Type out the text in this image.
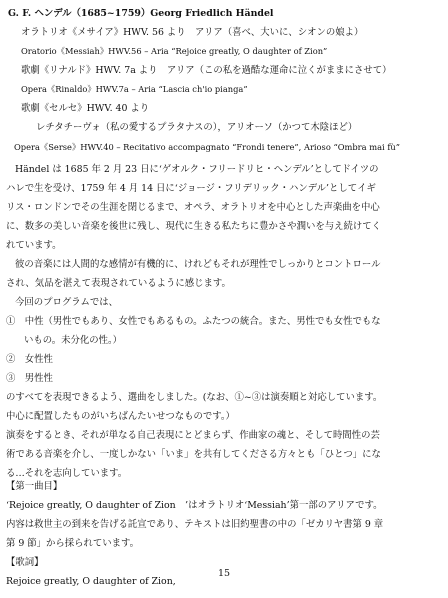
G. F. ヘンデル（1685~1759）Georg Friedlich Händel
オラトリオ《メサイア》HWV. 56 より　アリア（喜べ、大いに、シオンの娘よ）
Oratorio《Messiah》HWV.56 – Aria “Rejoice greatly, O daughter of Zion”
歌劇《リナルド》HWV. 7a より　アリア（この私を過酷な運命に泣くがままにさせて）
Opera《Rinaldo》HWV.7a – Aria “Lascia ch'io pianga”
歌劇《セルセ》HWV. 40 より
レチタチーヴォ（私の愛するプラタナスの），アリオーソ（かつて木陰ほど）
Opera《Serse》HWV.40 – Recitativo accompagnato “Frondi tenere”, Arioso “Ombra mai fù”
Händel は 1685 年 2 月 23 日に‘ゲオルク・フリードリヒ・ヘンデル’としてドイツの
ハレで生を受け、1759 年 4 月 14 日に‘ジョージ・フリデリック・ハンデル’としてイギ
リス・ロンドンでその生涯を閉じるまで、オペラ、オラトリオを中心とした声楽曲を中心
に、数多の美しい音楽を後世に残し、現代に生きる私たちに豊かさや潤いを与え続けてく
れています。
彼の音楽には人間的な感情が有機的に、けれどもそれが理性でしっかりとコントロール
され、気品を湛えて表現されているように感じます。
今回のプログラムでは、
①　中性（男性でもあり、女性でもあるもの。ふたつの統合。また、男性でも女性でもな
いもの。未分化の性。）
②　女性性
③　男性性
のすべてを表現できるよう、選曲をしました。(なお、①~③は演奏順と対応しています。
中心に配置したものがいちばんたいせつなものです。）
演奏をするとき、それが単なる自己表現にとどまらず、作曲家の魂と、そして時間性の芸
術である音楽を介し、一度しかない「いま」を共有してくださる方々とも「ひとつ」にな
る…それを志向しています。
【第一曲目】
‘Rejoice greatly, O daughter of Zion　’はオラトリオ‘Messiah’第一部のアリアです。
内容は救世主の到来を告げる託宣であり、テキストは旧約聖書の中の「ゼカリヤ書第 9 章
第 9 節」から採られています。
【歌詞】
Rejoice greatly, O daughter of Zion,
15
